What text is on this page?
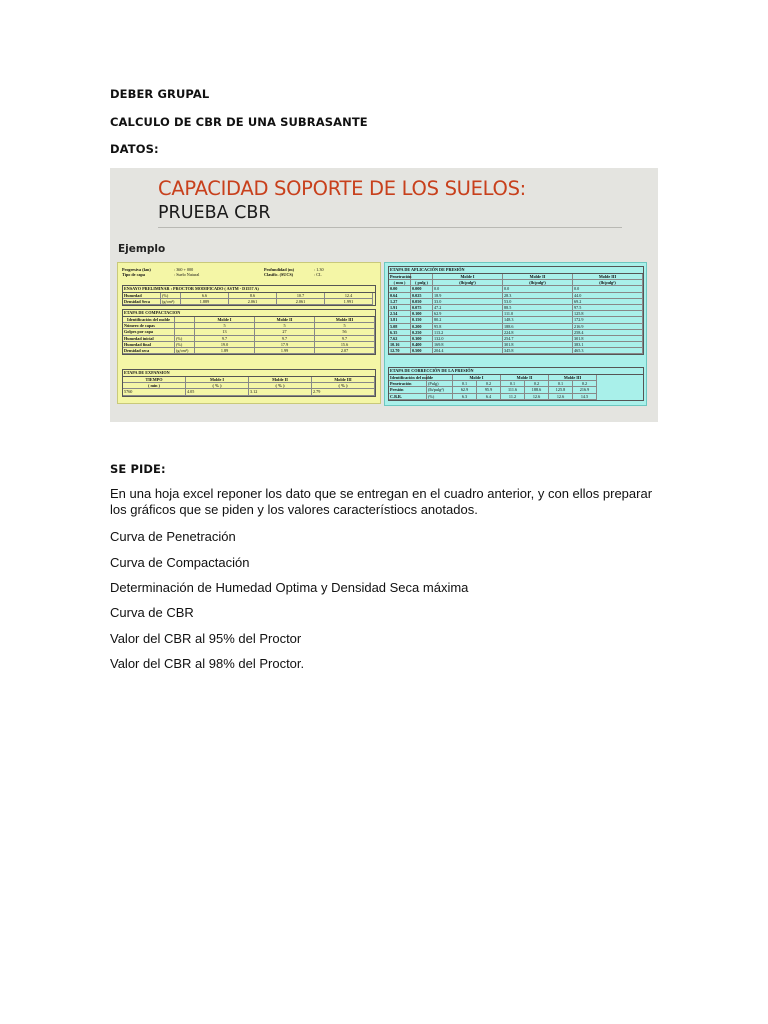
DEBER GRUPAL
CALCULO DE CBR DE UNA SUBRASANTE
DATOS:
CAPACIDAD SOPORTE DE LOS SUELOS:
PRUEBA CBR
Ejemplo
Progresiva (km)	: 360 + 000	Profundidad (m)	: 1.30
Tipo de capa	: Suelo Natural	Clasific. (SUCS)	: CL
ENSAYO PRELIMINAR : PROCTOR MODIFICADO ( ASTM - D1557 A)
Humedad	(%)	6.6	8.6	10.7	12.4
Densidad Seca	(g/cm³)	1.889	2.061	2.061	1.991
ETAPA DE COMPACTACION
Identificación del molde	Molde I	Molde II	Molde III
Número de capas	5	5	5
Golpes por capa	13	27	56
Humedad inicial	(%)	9.7	9.7	9.7
Humedad final	(%)	19.0	17.9	15.6
Densidad seca	(g/cm³)	1.89	1.99	2.07
ETAPA DE EXPANSION
TIEMPO	Molde I	Molde II	Molde III
( min )	( % )	( % )	( % )
5760	4.05	3.12	2.79
ETAPA DE APLICACIÓN DE PRESIÓN
Penetración	Molde I	Molde II	Molde III
( mm )	( pulg )	(lb/pulg²)	(lb/pulg²)	(lb/pulg²)
0.00	0.000	0.0	0.0	0.0
0.64	0.025	18.9	28.3	44.0
1.27	0.050	33.0	53.0	69.2
1.91	0.075	47.2	88.5	97.5
2.54	0.100	62.9	111.0	125.8
3.81	0.150	80.2	148.3	172.9
5.08	0.200	95.8	188.6	216.9
6.35	0.250	113.2	224.8	258.4
7.62	0.300	132.0	254.7	301.8
10.16	0.400	169.8	301.8	383.1
12.70	0.500	204.4	345.8	465.3
ETAPA DE CORRECCIÓN DE LA PRESIÓN
Identificación del molde	Molde I	Molde II	Molde III
Penetración	(Pulg)	0.1	0.2	0.1	0.2	0.1	0.2
Presión	(lb/pulg²)	62.9	95.9	111.6	188.6	125.8	216.9
C.B.R.	(%)	6.3	6.4	11.2	12.6	12.6	14.5
SE PIDE:
En una hoja excel reponer los dato que se entregan en el cuadro anterior, y con ellos preparar los gráficos que se piden y los valores característiocs anotados.
Curva de Penetración
Curva de Compactación
Determinación de Humedad Optima y Densidad Seca máxima
Curva de CBR
Valor del CBR al 95% del Proctor
Valor del CBR al 98% del Proctor.
